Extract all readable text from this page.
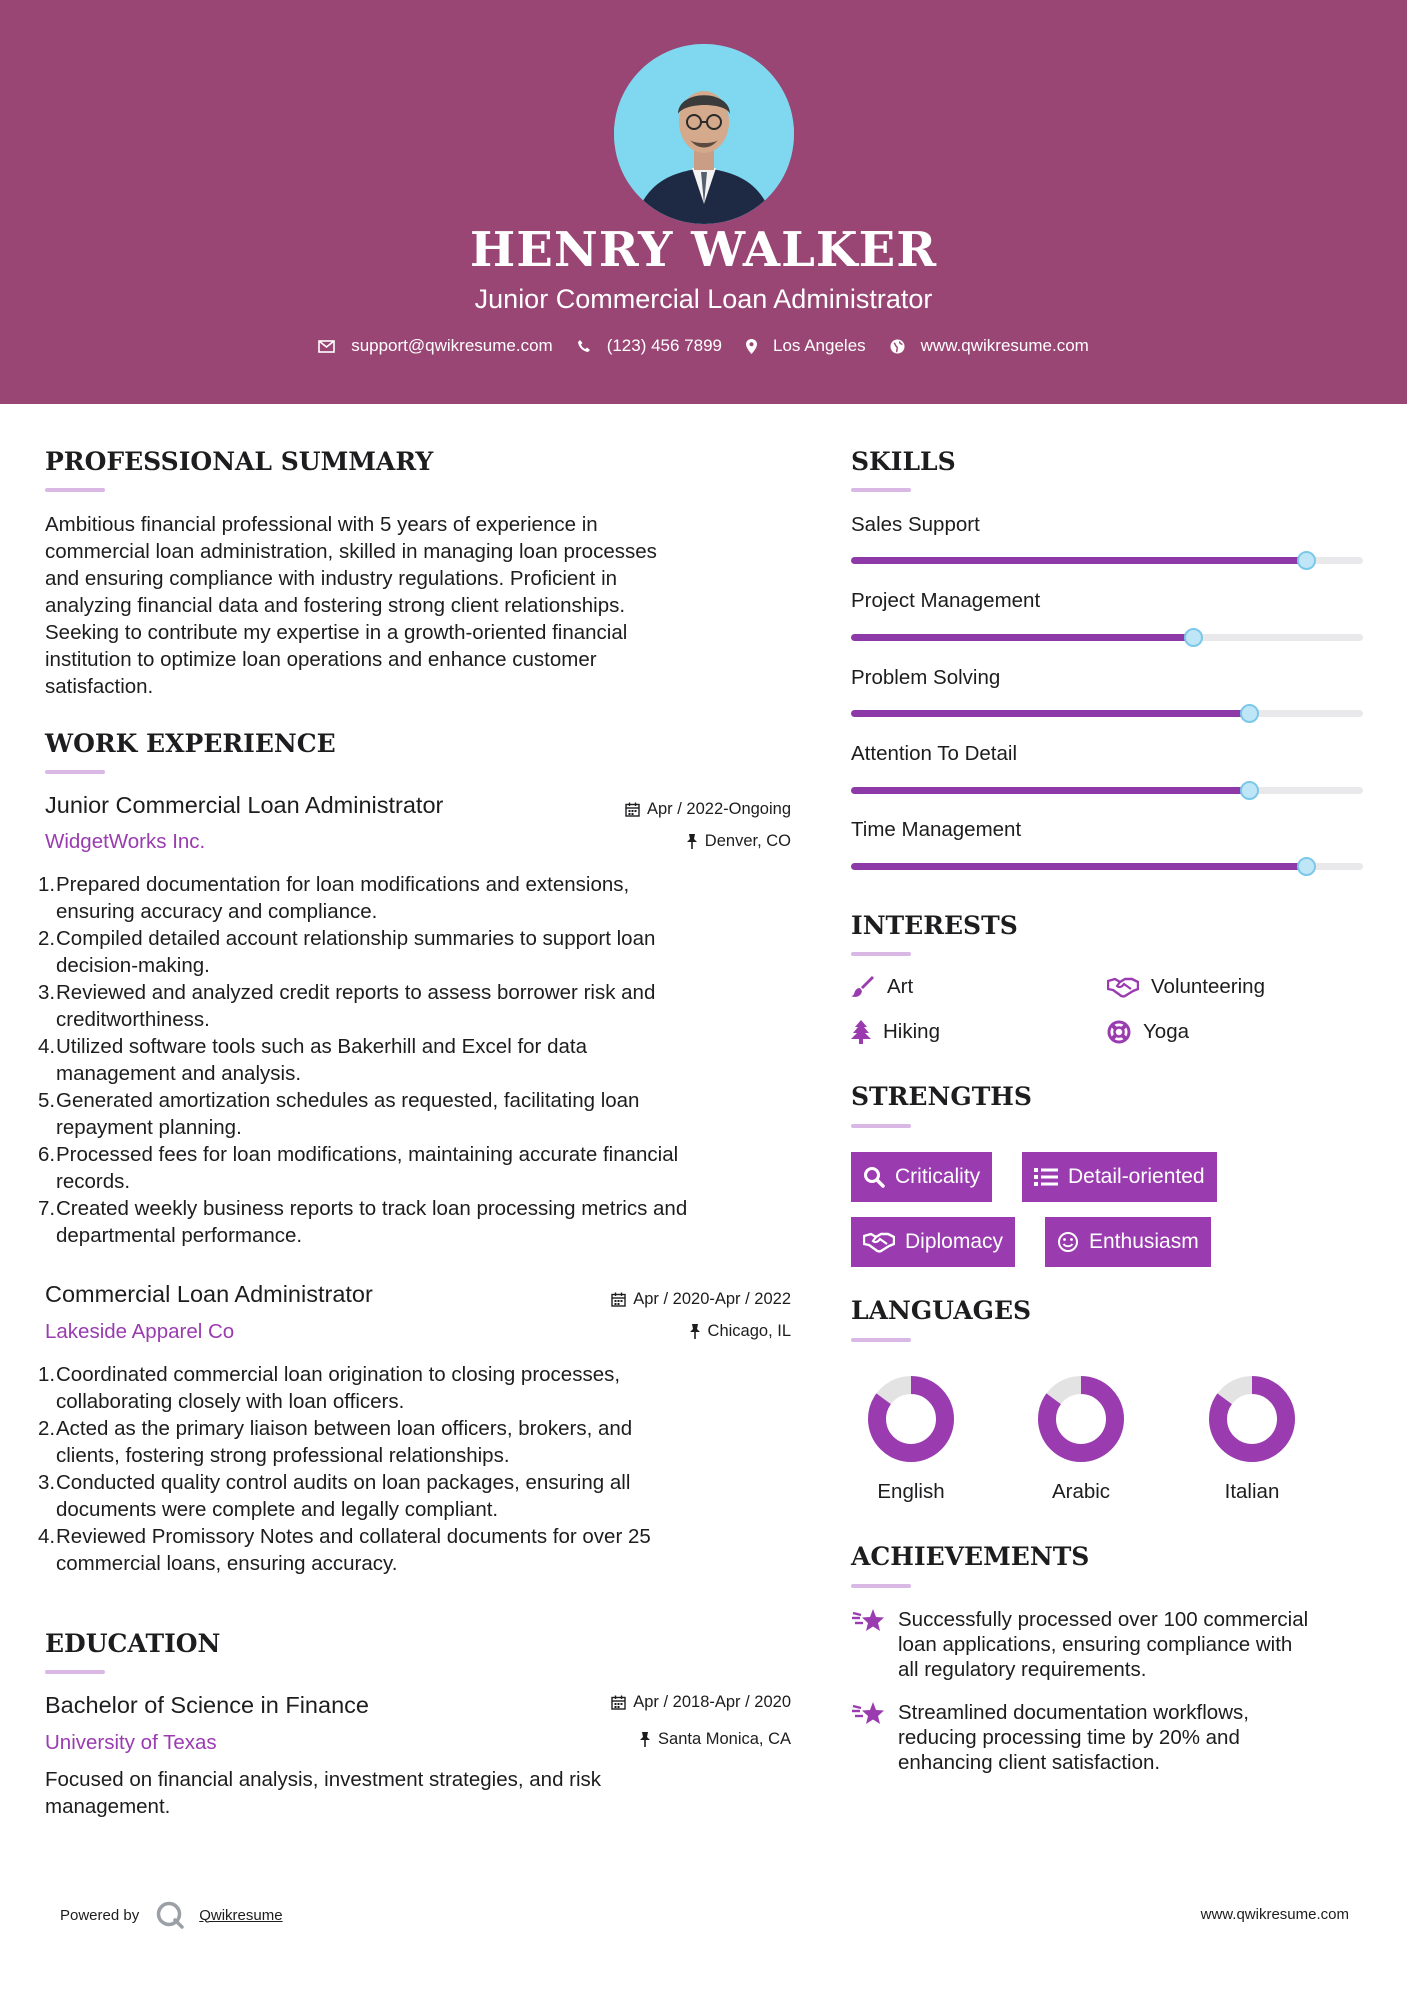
HENRY WALKER
Junior Commercial Loan Administrator
support@qwikresume.com	(123) 456 7899	Los Angeles	www.qwikresume.com
PROFESSIONAL SUMMARY
Ambitious financial professional with 5 years of experience in
commercial loan administration, skilled in managing loan processes
and ensuring compliance with industry regulations. Proficient in
analyzing financial data and fostering strong client relationships.
Seeking to contribute my expertise in a growth-oriented financial
institution to optimize loan operations and enhance customer
satisfaction.
WORK EXPERIENCE
Junior Commercial Loan Administrator	Apr / 2022-Ongoing
WidgetWorks Inc.	Denver, CO
1. Prepared documentation for loan modifications and extensions,
ensuring accuracy and compliance.
2. Compiled detailed account relationship summaries to support loan
decision-making.
3. Reviewed and analyzed credit reports to assess borrower risk and
creditworthiness.
4. Utilized software tools such as Bakerhill and Excel for data
management and analysis.
5. Generated amortization schedules as requested, facilitating loan
repayment planning.
6. Processed fees for loan modifications, maintaining accurate financial
records.
7. Created weekly business reports to track loan processing metrics and
departmental performance.
Commercial Loan Administrator	Apr / 2020-Apr / 2022
Lakeside Apparel Co	Chicago, IL
1. Coordinated commercial loan origination to closing processes,
collaborating closely with loan officers.
2. Acted as the primary liaison between loan officers, brokers, and
clients, fostering strong professional relationships.
3. Conducted quality control audits on loan packages, ensuring all
documents were complete and legally compliant.
4. Reviewed Promissory Notes and collateral documents for over 25
commercial loans, ensuring accuracy.
EDUCATION
Bachelor of Science in Finance	Apr / 2018-Apr / 2020
University of Texas	Santa Monica, CA
Focused on financial analysis, investment strategies, and risk
management.
SKILLS
Sales Support
Project Management
Problem Solving
Attention To Detail
Time Management
INTERESTS
Art	Volunteering
Hiking	Yoga
STRENGTHS
Criticality	Detail-oriented
Diplomacy	Enthusiasm
LANGUAGES
English	Arabic	Italian
ACHIEVEMENTS
Successfully processed over 100 commercial
loan applications, ensuring compliance with
all regulatory requirements.
Streamlined documentation workflows,
reducing processing time by 20% and
enhancing client satisfaction.
Powered by	Qwikresume	www.qwikresume.com
